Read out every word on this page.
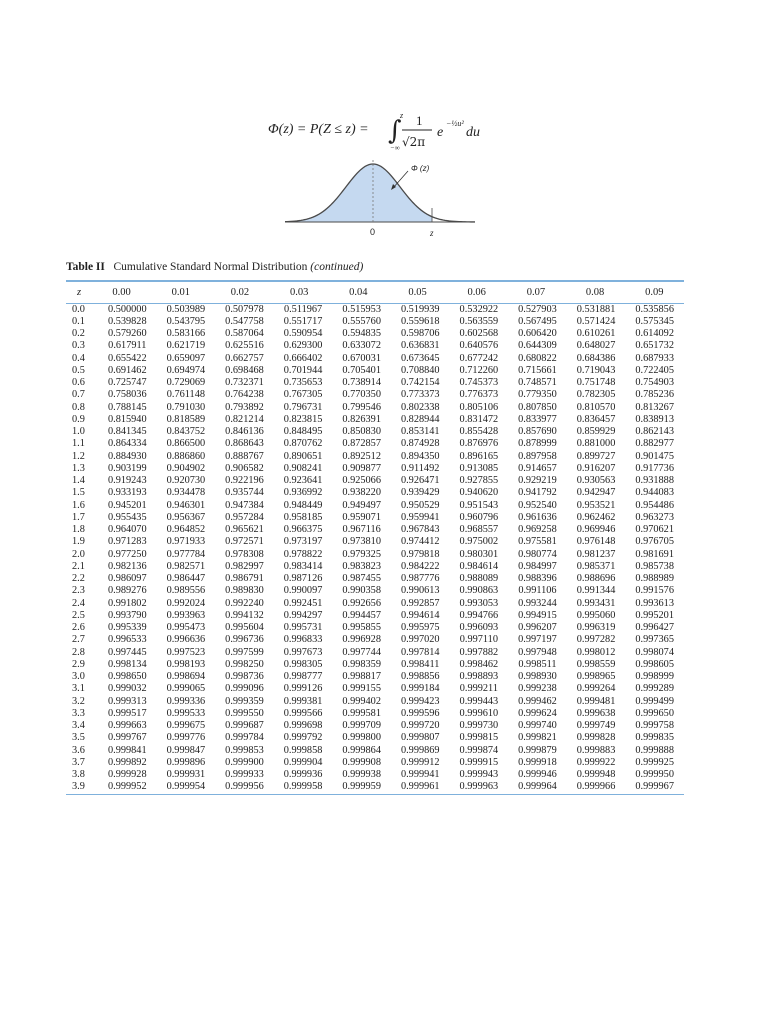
Φ(z) = P(Z ≤ z) = ∫
z
−∞
1
√2π
e
−½u²
du
Φ (z)
0	z
Table II Cumulative Standard Normal Distribution (continued)
z	0.00	0.01	0.02	0.03	0.04	0.05	0.06	0.07	0.08	0.09
0.0	0.500000	0.503989	0.507978	0.511967	0.515953	0.519939	0.532922	0.527903	0.531881	0.535856
0.1	0.539828	0.543795	0.547758	0.551717	0.555760	0.559618	0.563559	0.567495	0.571424	0.575345
0.2	0.579260	0.583166	0.587064	0.590954	0.594835	0.598706	0.602568	0.606420	0.610261	0.614092
0.3	0.617911	0.621719	0.625516	0.629300	0.633072	0.636831	0.640576	0.644309	0.648027	0.651732
0.4	0.655422	0.659097	0.662757	0.666402	0.670031	0.673645	0.677242	0.680822	0.684386	0.687933
0.5	0.691462	0.694974	0.698468	0.701944	0.705401	0.708840	0.712260	0.715661	0.719043	0.722405
0.6	0.725747	0.729069	0.732371	0.735653	0.738914	0.742154	0.745373	0.748571	0.751748	0.754903
0.7	0.758036	0.761148	0.764238	0.767305	0.770350	0.773373	0.776373	0.779350	0.782305	0.785236
0.8	0.788145	0.791030	0.793892	0.796731	0.799546	0.802338	0.805106	0.807850	0.810570	0.813267
0.9	0.815940	0.818589	0.821214	0.823815	0.826391	0.828944	0.831472	0.833977	0.836457	0.838913
1.0	0.841345	0.843752	0.846136	0.848495	0.850830	0.853141	0.855428	0.857690	0.859929	0.862143
1.1	0.864334	0.866500	0.868643	0.870762	0.872857	0.874928	0.876976	0.878999	0.881000	0.882977
1.2	0.884930	0.886860	0.888767	0.890651	0.892512	0.894350	0.896165	0.897958	0.899727	0.901475
1.3	0.903199	0.904902	0.906582	0.908241	0.909877	0.911492	0.913085	0.914657	0.916207	0.917736
1.4	0.919243	0.920730	0.922196	0.923641	0.925066	0.926471	0.927855	0.929219	0.930563	0.931888
1.5	0.933193	0.934478	0.935744	0.936992	0.938220	0.939429	0.940620	0.941792	0.942947	0.944083
1.6	0.945201	0.946301	0.947384	0.948449	0.949497	0.950529	0.951543	0.952540	0.953521	0.954486
1.7	0.955435	0.956367	0.957284	0.958185	0.959071	0.959941	0.960796	0.961636	0.962462	0.963273
1.8	0.964070	0.964852	0.965621	0.966375	0.967116	0.967843	0.968557	0.969258	0.969946	0.970621
1.9	0.971283	0.971933	0.972571	0.973197	0.973810	0.974412	0.975002	0.975581	0.976148	0.976705
2.0	0.977250	0.977784	0.978308	0.978822	0.979325	0.979818	0.980301	0.980774	0.981237	0.981691
2.1	0.982136	0.982571	0.982997	0.983414	0.983823	0.984222	0.984614	0.984997	0.985371	0.985738
2.2	0.986097	0.986447	0.986791	0.987126	0.987455	0.987776	0.988089	0.988396	0.988696	0.988989
2.3	0.989276	0.989556	0.989830	0.990097	0.990358	0.990613	0.990863	0.991106	0.991344	0.991576
2.4	0.991802	0.992024	0.992240	0.992451	0.992656	0.992857	0.993053	0.993244	0.993431	0.993613
2.5	0.993790	0.993963	0.994132	0.994297	0.994457	0.994614	0.994766	0.994915	0.995060	0.995201
2.6	0.995339	0.995473	0.995604	0.995731	0.995855	0.995975	0.996093	0.996207	0.996319	0.996427
2.7	0.996533	0.996636	0.996736	0.996833	0.996928	0.997020	0.997110	0.997197	0.997282	0.997365
2.8	0.997445	0.997523	0.997599	0.997673	0.997744	0.997814	0.997882	0.997948	0.998012	0.998074
2.9	0.998134	0.998193	0.998250	0.998305	0.998359	0.998411	0.998462	0.998511	0.998559	0.998605
3.0	0.998650	0.998694	0.998736	0.998777	0.998817	0.998856	0.998893	0.998930	0.998965	0.998999
3.1	0.999032	0.999065	0.999096	0.999126	0.999155	0.999184	0.999211	0.999238	0.999264	0.999289
3.2	0.999313	0.999336	0.999359	0.999381	0.999402	0.999423	0.999443	0.999462	0.999481	0.999499
3.3	0.999517	0.999533	0.999550	0.999566	0.999581	0.999596	0.999610	0.999624	0.999638	0.999650
3.4	0.999663	0.999675	0.999687	0.999698	0.999709	0.999720	0.999730	0.999740	0.999749	0.999758
3.5	0.999767	0.999776	0.999784	0.999792	0.999800	0.999807	0.999815	0.999821	0.999828	0.999835
3.6	0.999841	0.999847	0.999853	0.999858	0.999864	0.999869	0.999874	0.999879	0.999883	0.999888
3.7	0.999892	0.999896	0.999900	0.999904	0.999908	0.999912	0.999915	0.999918	0.999922	0.999925
3.8	0.999928	0.999931	0.999933	0.999936	0.999938	0.999941	0.999943	0.999946	0.999948	0.999950
3.9	0.999952	0.999954	0.999956	0.999958	0.999959	0.999961	0.999963	0.999964	0.999966	0.999967
